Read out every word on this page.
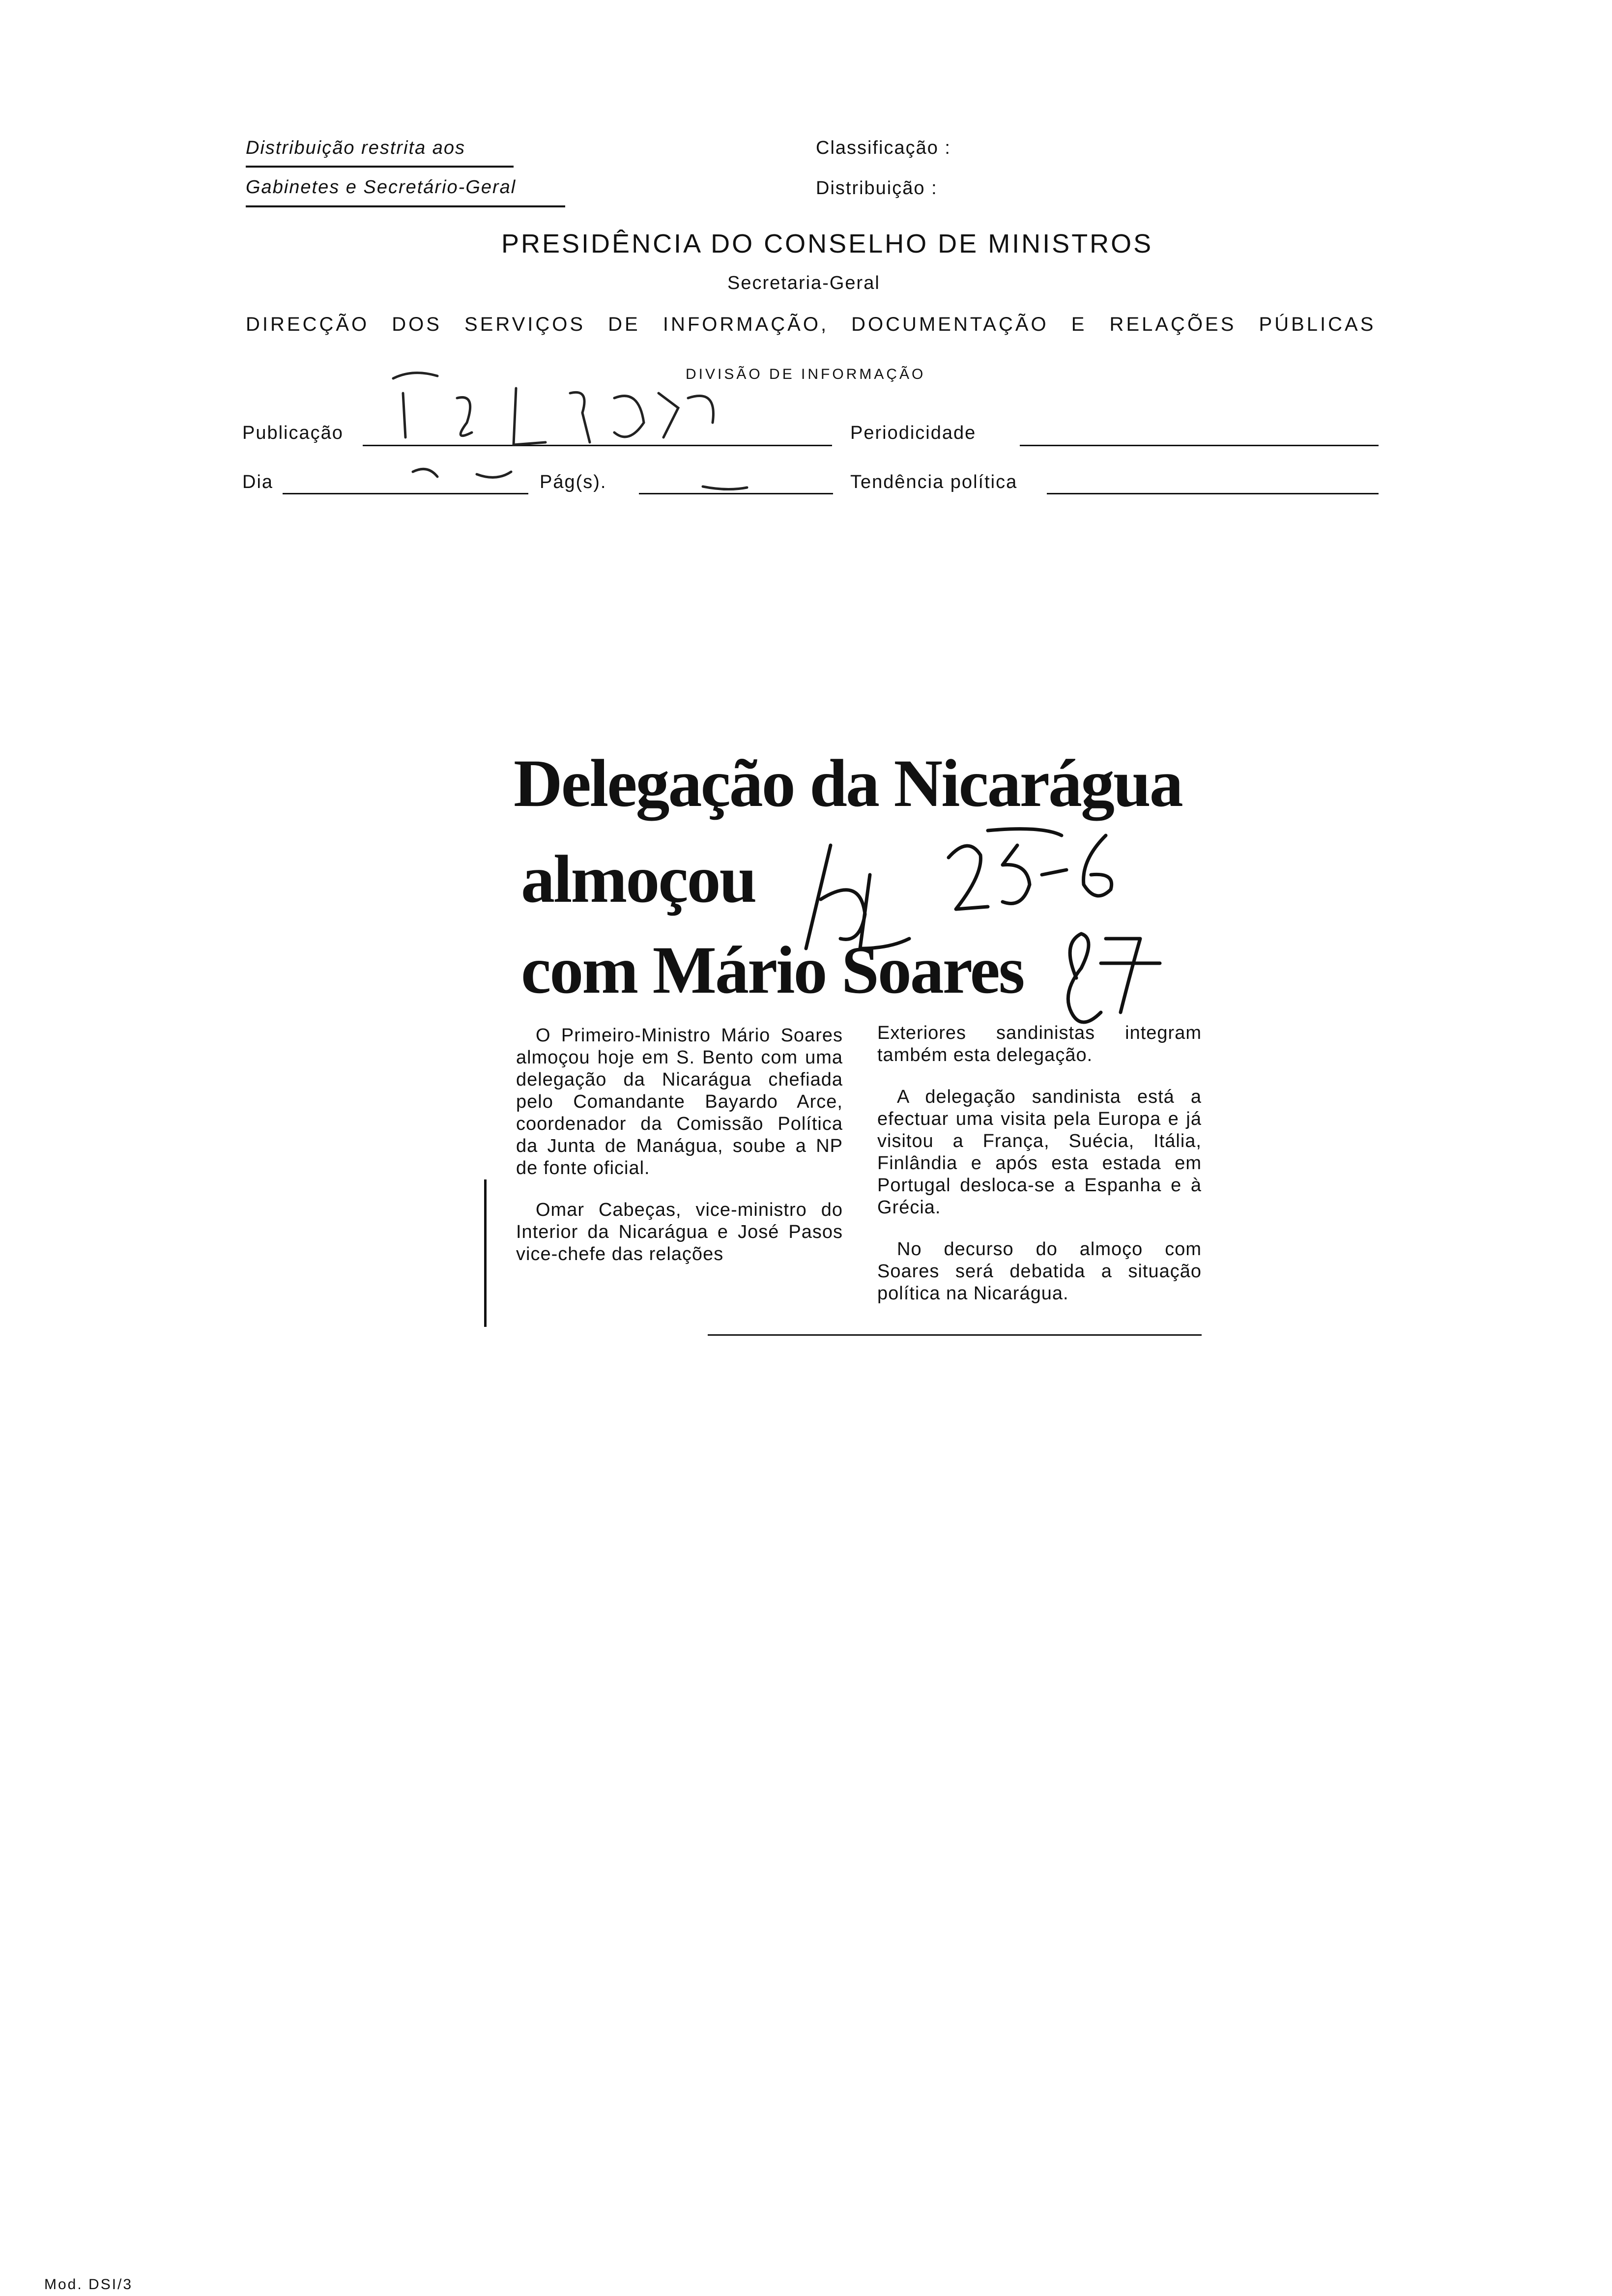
Distribuição restrita aos
Gabinetes e Secretário-Geral
Classificação :
Distribuição :
PRESIDÊNCIA DO CONSELHO DE MINISTROS
Secretaria-Geral
DIRECÇÃO DOS SERVIÇOS DE INFORMAÇÃO, DOCUMENTAÇÃO E RELAÇÕES PÚBLICAS
DIVISÃO DE INFORMAÇÃO
Publicação	Periodicidade
Dia	Pág(s).	Tendência política
Delegação da Nicarágua
almoçou
com Mário Soares

O Primeiro-Ministro Mário Soares almoçou hoje em S. Bento com uma delegação da Nicarágua chefiada pelo Comandante Bayardo Arce, coordenador da Comissão Política da Junta de Manágua, soube a NP de fonte oficial.

Omar Cabeças, vice-ministro do Interior da Nicarágua e José Pasos vice-chefe das relações

Exteriores sandinistas integram também esta delegação.

A delegação sandinista está a efectuar uma visita pela Europa e já visitou a França, Suécia, Itália, Finlândia e após esta estada em Portugal desloca-se a Espanha e à Grécia.

No decurso do almoço com Soares será debatida a situação política na Nicarágua.

Mod. DSI/3
